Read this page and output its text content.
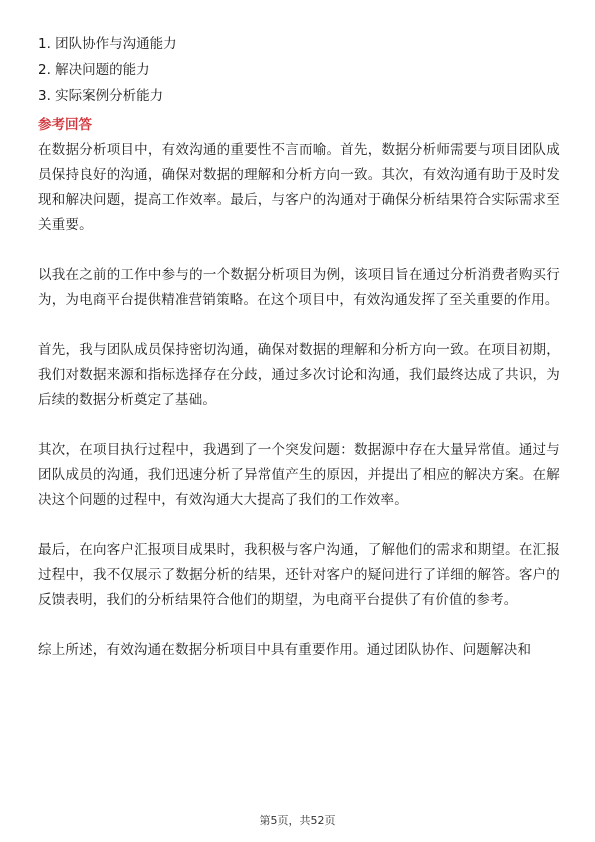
1. 团队协作与沟通能力
2. 解决问题的能力
3. 实际案例分析能力
参考回答

在数据分析项目中，有效沟通的重要性不言而喻。首先，数据分析师需要与项目团队成员保持良好的沟通，确保对数据的理解和分析方向一致。其次，有效沟通有助于及时发现和解决问题，提高工作效率。最后，与客户的沟通对于确保分析结果符合实际需求至关重要。

以我在之前的工作中参与的一个数据分析项目为例，该项目旨在通过分析消费者购买行为，为电商平台提供精准营销策略。在这个项目中，有效沟通发挥了至关重要的作用。

首先，我与团队成员保持密切沟通，确保对数据的理解和分析方向一致。在项目初期，我们对数据来源和指标选择存在分歧，通过多次讨论和沟通，我们最终达成了共识，为后续的数据分析奠定了基础。

其次，在项目执行过程中，我遇到了一个突发问题：数据源中存在大量异常值。通过与团队成员的沟通，我们迅速分析了异常值产生的原因，并提出了相应的解决方案。在解决这个问题的过程中，有效沟通大大提高了我们的工作效率。

最后，在向客户汇报项目成果时，我积极与客户沟通，了解他们的需求和期望。在汇报过程中，我不仅展示了数据分析的结果，还针对客户的疑问进行了详细的解答。客户的反馈表明，我们的分析结果符合他们的期望，为电商平台提供了有价值的参考。

综上所述，有效沟通在数据分析项目中具有重要作用。通过团队协作、问题解决和

第5页，共52页
